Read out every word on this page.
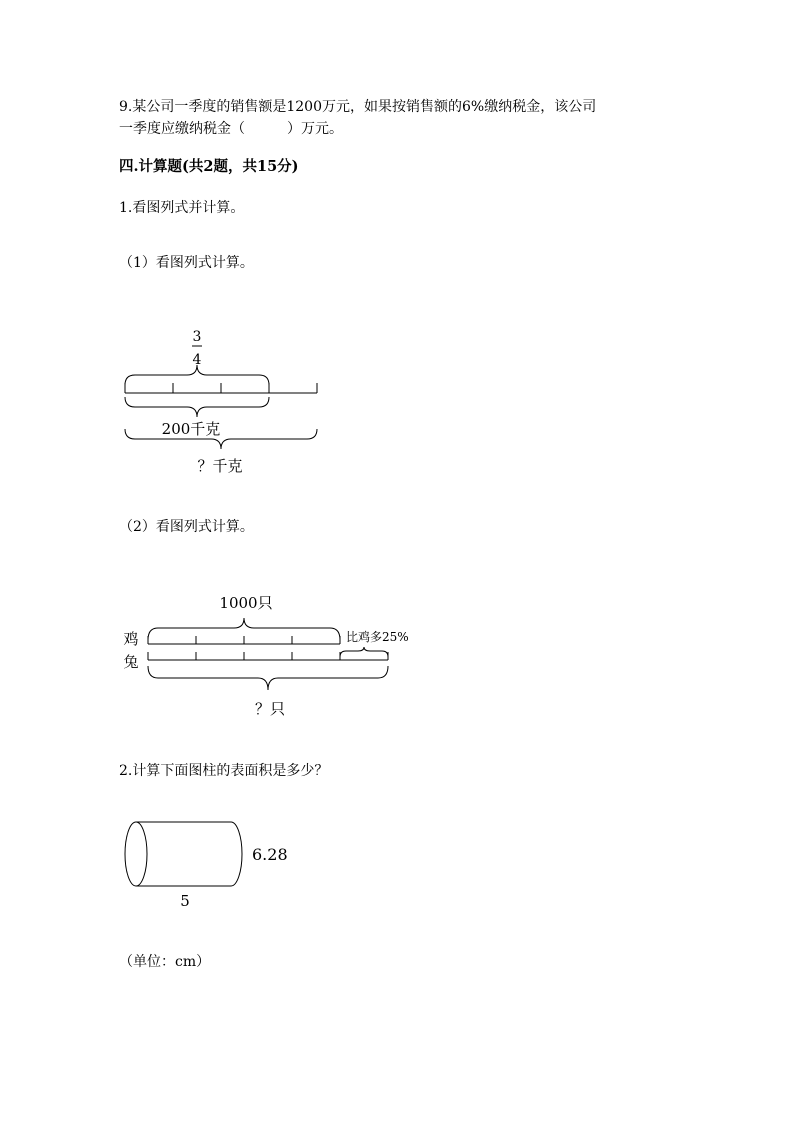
9.某公司一季度的销售额是1200万元，如果按销售额的6%缴纳税金，该公司
一季度应缴纳税金（　　　）万元。
四.计算题(共2题，共15分)
1.看图列式并计算。
（1）看图列式计算。
3
4
200千克
？千克
（2）看图列式计算。
1000只
鸡
兔
比鸡多25%
？只
2.计算下面图柱的表面积是多少？
6.28
5
（单位：cm）
